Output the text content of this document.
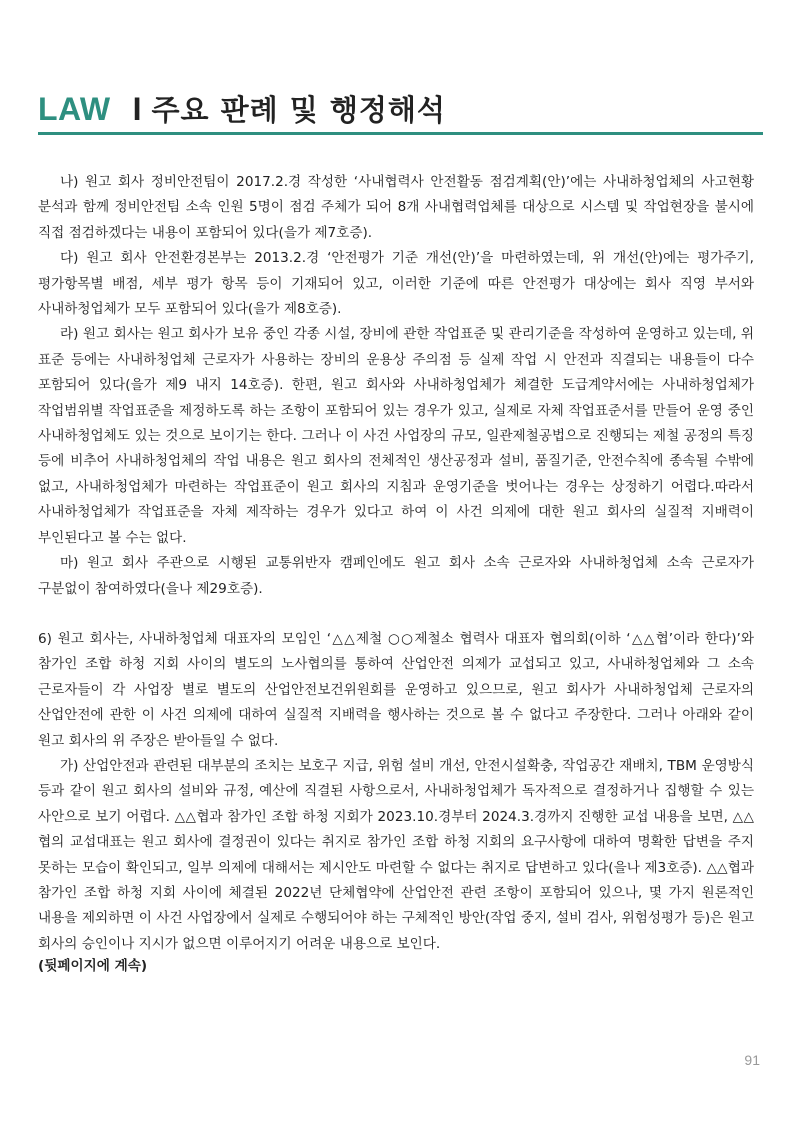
LAW I 주요 판례 및 행정해석

나) 원고 회사 정비안전팀이 2017.2.경 작성한 ‘사내협력사 안전활동 점검계획(안)’에는 사내하청업체의 사고현황 분석과 함께 정비안전팀 소속 인원 5명이 점검 주체가 되어 8개 사내협력업체를 대상으로 시스템 및 작업현장을 불시에 직접 점검하겠다는 내용이 포함되어 있다(을가 제7호증).

다) 원고 회사 안전환경본부는 2013.2.경 ‘안전평가 기준 개선(안)’을 마련하였는데, 위 개선(안)에는 평가주기, 평가항목별 배점, 세부 평가 항목 등이 기재되어 있고, 이러한 기준에 따른 안전평가 대상에는 회사 직영 부서와 사내하청업체가 모두 포함되어 있다(을가 제8호증).

라) 원고 회사는 원고 회사가 보유 중인 각종 시설, 장비에 관한 작업표준 및 관리기준을 작성하여 운영하고 있는데, 위 표준 등에는 사내하청업체 근로자가 사용하는 장비의 운용상 주의점 등 실제 작업 시 안전과 직결되는 내용들이 다수 포함되어 있다(을가 제9 내지 14호증). 한편, 원고 회사와 사내하청업체가 체결한 도급계약서에는 사내하청업체가 작업범위별 작업표준을 제정하도록 하는 조항이 포함되어 있는 경우가 있고, 실제로 자체 작업표준서를 만들어 운영 중인 사내하청업체도 있는 것으로 보이기는 한다. 그러나 이 사건 사업장의 규모, 일관제철공법으로 진행되는 제철 공정의 특징 등에 비추어 사내하청업체의 작업 내용은 원고 회사의 전체적인 생산공정과 설비, 품질기준, 안전수칙에 종속될 수밖에 없고, 사내하청업체가 마련하는 작업표준이 원고 회사의 지침과 운영기준을 벗어나는 경우는 상정하기 어렵다.따라서 사내하청업체가 작업표준을 자체 제작하는 경우가 있다고 하여 이 사건 의제에 대한 원고 회사의 실질적 지배력이 부인된다고 볼 수는 없다.

마) 원고 회사 주관으로 시행된 교통위반자 캠페인에도 원고 회사 소속 근로자와 사내하청업체 소속 근로자가 구분없이 참여하였다(을나 제29호증).

6) 원고 회사는, 사내하청업체 대표자의 모임인 ‘△△제철 ○○제철소 협력사 대표자 협의회(이하 ‘△△협’이라 한다)’와 참가인 조합 하청 지회 사이의 별도의 노사협의를 통하여 산업안전 의제가 교섭되고 있고, 사내하청업체와 그 소속 근로자들이 각 사업장 별로 별도의 산업안전보건위원회를 운영하고 있으므로, 원고 회사가 사내하청업체 근로자의 산업안전에 관한 이 사건 의제에 대하여 실질적 지배력을 행사하는 것으로 볼 수 없다고 주장한다. 그러나 아래와 같이 원고 회사의 위 주장은 받아들일 수 없다.

가) 산업안전과 관련된 대부분의 조치는 보호구 지급, 위험 설비 개선, 안전시설확충, 작업공간 재배치, TBM 운영방식 등과 같이 원고 회사의 설비와 규정, 예산에 직결된 사항으로서, 사내하청업체가 독자적으로 결정하거나 집행할 수 있는 사안으로 보기 어렵다. △△협과 참가인 조합 하청 지회가 2023.10.경부터 2024.3.경까지 진행한 교섭 내용을 보면, △△협의 교섭대표는 원고 회사에 결정권이 있다는 취지로 참가인 조합 하청 지회의 요구사항에 대하여 명확한 답변을 주지 못하는 모습이 확인되고, 일부 의제에 대해서는 제시안도 마련할 수 없다는 취지로 답변하고 있다(을나 제3호증). △△협과 참가인 조합 하청 지회 사이에 체결된 2022년 단체협약에 산업안전 관련 조항이 포함되어 있으나, 몇 가지 원론적인 내용을 제외하면 이 사건 사업장에서 실제로 수행되어야 하는 구체적인 방안(작업 중지, 설비 검사, 위험성평가 등)은 원고 회사의 승인이나 지시가 없으면 이루어지기 어려운 내용으로 보인다.

(뒷페이지에 계속)

91
